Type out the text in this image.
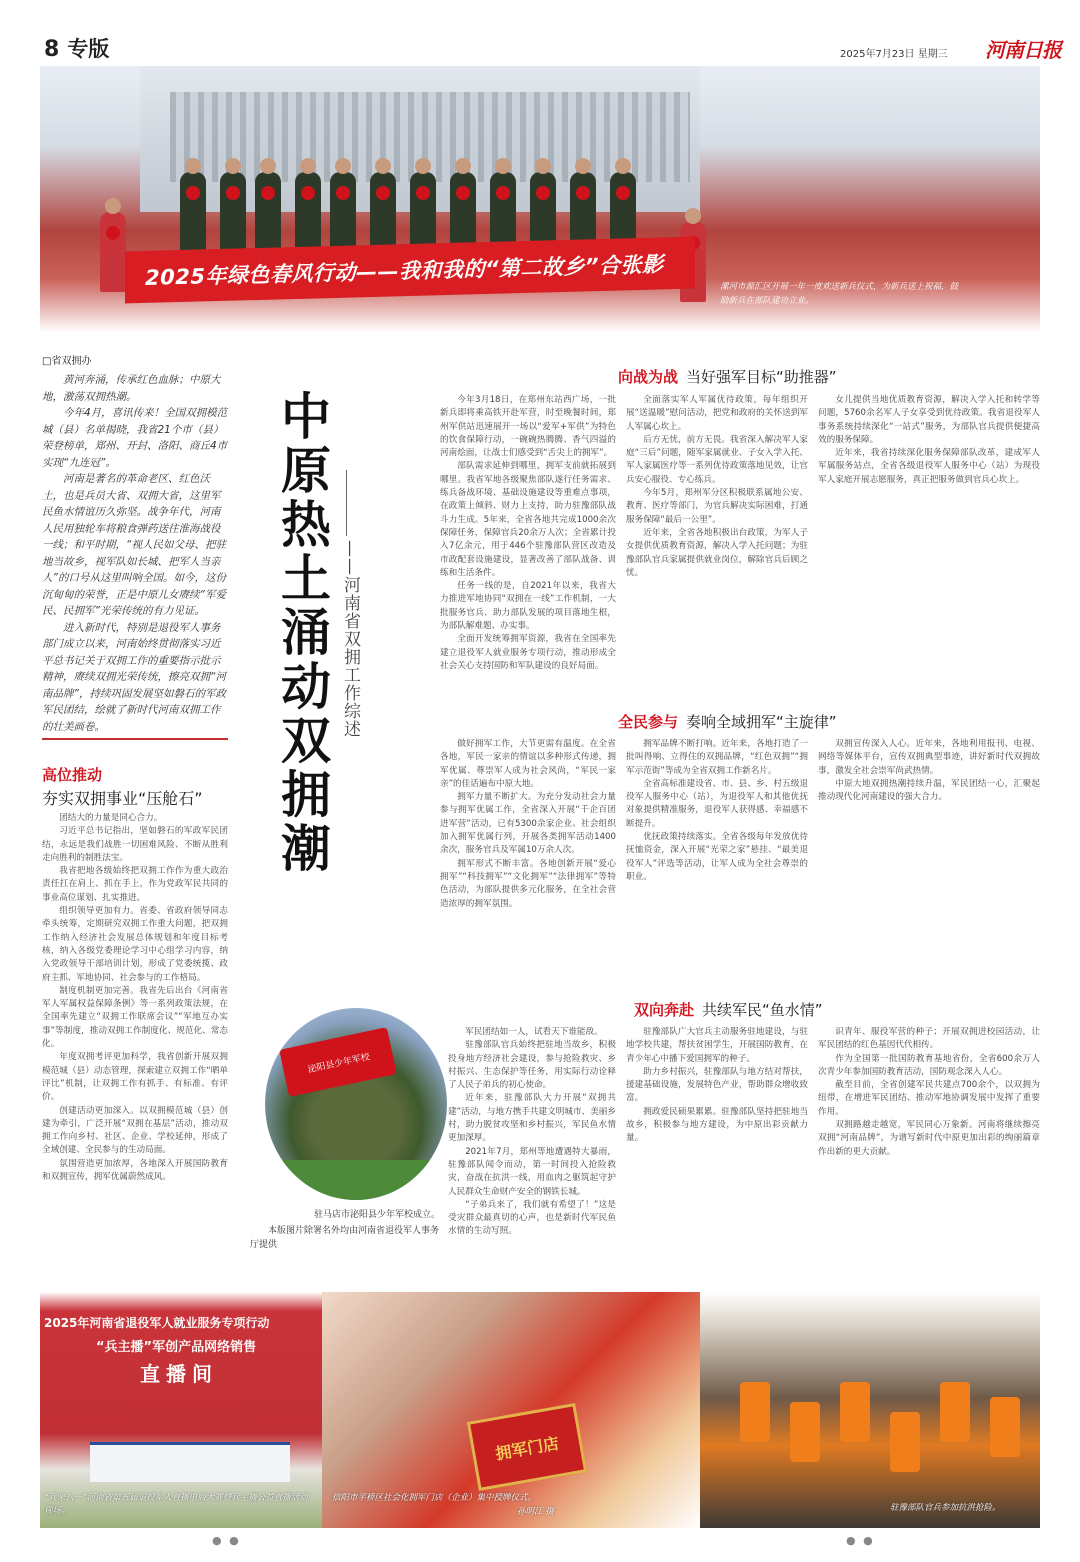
8 专版	2025年7月23日 星期三 河南日报
2025年绿色春风行动——我和我的“第二故乡”合张影	漯河市源汇区开展一年一度欢送新兵仪式，为新兵送上祝福，鼓励新兵在部队建功立业。
□省双拥办

黄河奔涌，传承红色血脉；中原大地，激荡双拥热潮。

今年4月，喜讯传来！全国双拥模范城（县）名单揭晓，我省21个市（县）荣登榜单，郑州、开封、洛阳、商丘4市实现“九连冠”。

河南是著名的革命老区、红色沃土，也是兵员大省、双拥大省，这里军民鱼水情谊历久弥坚。战争年代，河南人民用独轮车将粮食弹药送往淮海战役一线；和平时期，“视人民如父母、把驻地当故乡，视军队如长城、把军人当亲人”的口号从这里叫响全国。如今，这份沉甸甸的荣誉，正是中原儿女赓续“军爱民、民拥军”光荣传统的有力见证。

进入新时代，特别是退役军人事务部门成立以来，河南始终贯彻落实习近平总书记关于双拥工作的重要指示批示精神，赓续双拥光荣传统，擦亮双拥“河南品牌”，持续巩固发展坚如磐石的军政军民团结，绘就了新时代河南双拥工作的壮美画卷。

高位推动
夯实双拥事业“压舱石”

团结大的力量是同心合力。

习近平总书记指出，坚如磐石的军政军民团结，永远是我们战胜一切困难风险、不断从胜利走向胜利的制胜法宝。

我省把地各级始终把双拥工作作为重大政治责任扛在肩上、抓在手上，作为党政军民共同的事业高位谋划、扎实推进。

组织领导更加有力。省委、省政府领导同志牵头统筹，定期研究双拥工作重大问题，把双拥工作纳入经济社会发展总体规划和年度目标考核，纳入各级党委理论学习中心组学习内容，纳入党政领导干部培训计划，形成了党委统揽、政府主抓、军地协同、社会参与的工作格局。

制度机制更加完善。我省先后出台《河南省军人军属权益保障条例》等一系列政策法规，在全国率先建立“双拥工作联席会议”“军地互办实事”等制度，推动双拥工作制度化、规范化、常态化。

年度双拥考评更加科学，我省创新开展双拥模范城（县）动态管理，探索建立双拥工作“晒单评比”机制，让双拥工作有抓手、有标准、有评价。

创建活动更加深入。以双拥模范城（县）创建为牵引，广泛开展“双拥在基层”活动，推动双拥工作向乡村、社区、企业、学校延伸，形成了全域创建、全民参与的生动局面。

氛围营造更加浓厚，各地深入开展国防教育和双拥宣传，拥军优属蔚然成风。

中原热土涌动双拥潮 ——河南省双拥工作综述
向战为战 当好强军目标“助推器”

今年3月18日，在郑州东站西广场，一批新兵即将乘高铁开赴军营，时至晚餐时间，郑州军供站迅速展开一场以“爱军+军供”为特色的饮食保障行动，一碗碗热腾腾、香气四溢的河南烩面，让战士们感受到“舌尖上的拥军”。

部队需求延伸到哪里，拥军支前就拓展到哪里。我省军地各级聚焦部队遂行任务需求、练兵备战环境、基础设施建设等重难点事项，在政策上倾斜、财力上支持，助力驻豫部队战斗力生成。5年来，全省各地共完成1000余次保障任务，保障官兵20余万人次；全省累计投入7亿余元，用于446个驻豫部队营区改造及市政配套设施建设，显著改善了部队战备、训练和生活条件。

任务一线的是，自2021年以来，我省大力推进军地协同“双拥在一线”工作机制，一大批服务官兵、助力部队发展的项目落地生根，为部队解难题、办实事。

全面开发统筹拥军资源，我省在全国率先建立退役军人就业服务专项行动，推动形成全社会关心支持国防和军队建设的良好局面。

全面落实军人军属优待政策，每年组织开展“送温暖”慰问活动，把党和政府的关怀送到军人军属心坎上。

后方无忧，前方无畏。我省深入解决军人家庭“三后”问题，随军家属就业、子女入学入托、军人家属医疗等一系列优待政策落地见效，让官兵安心服役、专心练兵。

今年5月，郑州军分区积极联系属地公安、教育、医疗等部门，为官兵解决实际困难，打通服务保障“最后一公里”。

近年来，全省各地积极出台政策，为军人子女提供优质教育资源，解决入学入托问题；为驻豫部队官兵家属提供就业岗位，解除官兵后顾之忧。

女儿提供当地优质教育资源，解决入学入托和转学等问题，5760余名军人子女享受到优待政策。我省退役军人事务系统持续深化“一站式”服务，为部队官兵提供便捷高效的服务保障。

近年来，我省持续深化服务保障部队改革，建成军人军属服务站点，全省各级退役军人服务中心（站）为现役军人家庭开展志愿服务，真正把服务做到官兵心坎上。

全民参与 奏响全域拥军“主旋律”

做好拥军工作，大节更需有温度。在全省各地，军民一家亲的情谊以多种形式传递，拥军优属、尊崇军人成为社会风尚，“军民一家亲”的佳话遍布中原大地。

拥军力量不断扩大。为充分发动社会力量参与拥军优属工作，全省深入开展“千企百团进军营”活动，已有5300余家企业、社会组织加入拥军优属行列，开展各类拥军活动1400余次，服务官兵及军属10万余人次。

拥军形式不断丰富。各地创新开展“爱心拥军”“科技拥军”“文化拥军”“法律拥军”等特色活动，为部队提供多元化服务，在全社会营造浓厚的拥军氛围。

拥军品牌不断打响。近年来，各地打造了一批叫得响、立得住的双拥品牌，“红色双拥”“拥军示范街”等成为全省双拥工作新名片。

全省高标准建设省、市、县、乡、村五级退役军人服务中心（站），为退役军人和其他优抚对象提供精准服务，退役军人获得感、幸福感不断提升。

优抚政策持续落实。全省各级每年发放优待抚恤资金，深入开展“光荣之家”悬挂、“最美退役军人”评选等活动，让军人成为全社会尊崇的职业。

双拥宣传深入人心。近年来，各地利用报刊、电视、网络等媒体平台，宣传双拥典型事迹，讲好新时代双拥故事，激发全社会崇军尚武热情。

中原大地双拥热潮持续升温，军民团结一心，汇聚起推动现代化河南建设的强大合力。

双向奔赴 共续军民“鱼水情”

军民团结如一人，试看天下谁能敌。

驻豫部队官兵始终把驻地当故乡，积极投身地方经济社会建设，参与抢险救灾、乡村振兴、生态保护等任务，用实际行动诠释了人民子弟兵的初心使命。

近年来，驻豫部队大力开展“双拥共建”活动，与地方携手共建文明城市、美丽乡村，助力脱贫攻坚和乡村振兴，军民鱼水情更加深厚。

2021年7月，郑州等地遭遇特大暴雨，驻豫部队闻令而动，第一时间投入抢险救灾，奋战在抗洪一线，用血肉之躯筑起守护人民群众生命财产安全的钢铁长城。

“子弟兵来了，我们就有希望了！”这是受灾群众最真切的心声，也是新时代军民鱼水情的生动写照。

驻豫部队广大官兵主动服务驻地建设，与驻地学校共建，帮扶贫困学生，开展国防教育，在青少年心中播下爱国拥军的种子。

助力乡村振兴，驻豫部队与地方结对帮扶，援建基础设施，发展特色产业，帮助群众增收致富。

拥政爱民硕果累累。驻豫部队坚持把驻地当故乡，积极参与地方建设，为中原出彩贡献力量。

识青年、服役军营的种子；开展双拥进校园活动，让军民团结的红色基因代代相传。

作为全国第一批国防教育基地省份，全省600余万人次青少年参加国防教育活动，国防观念深入人心。

截至目前，全省创建军民共建点700余个，以双拥为纽带，在增进军民团结、推动军地协调发展中发挥了重要作用。

双拥路越走越宽，军民同心万象新。河南将继续擦亮双拥“河南品牌”，为谱写新时代中原更加出彩的绚丽篇章作出新的更大贡献。

泌阳县少年军校
驻马店市泌阳县少年军校成立。
本版图片除署名外均由河南省退役军人事务厅提供
2025年河南省退役军人就业服务专项行动
“兵主播”军创产品网络销售
直播间
“兵来八一”河南省第五届退役军人直播电商大赛暨兵主播公益直播活动现场。
拥军门店
信阳市平桥区社会化拥军门店（企业）集中授牌仪式。
孙明江 摄	驻豫部队官兵参加抗洪抢险。
● ●	● ●
